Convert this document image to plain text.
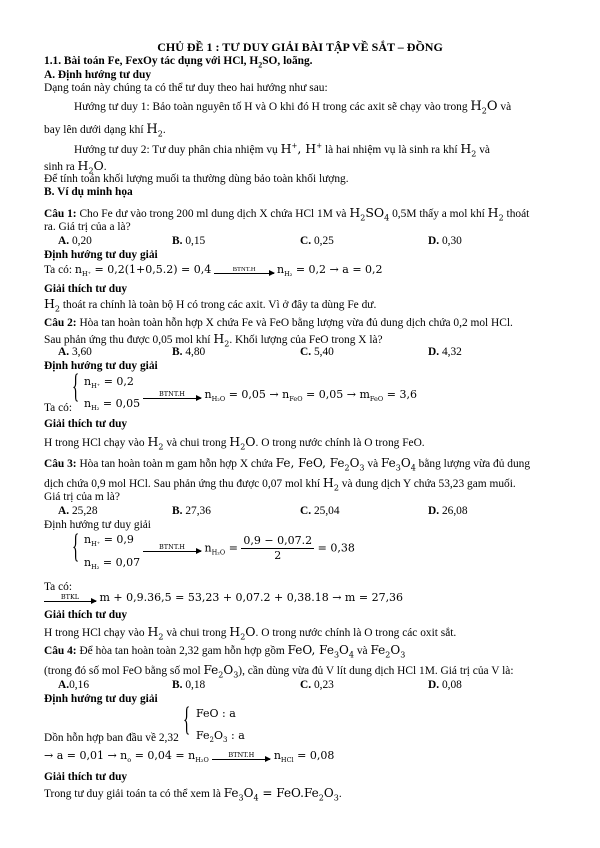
CHỦ ĐỀ 1 : TƯ DUY GIẢI BÀI TẬP VỀ SẮT – ĐỒNG
1.1. Bài toán Fe, FexOy tác dụng với HCl, $H_2SO$, loãng.
A. Định hướng tư duy
Dạng toán này chúng ta có thể tư duy theo hai hướng như sau:
Hướng tư duy 1: Bảo toàn nguyên tố H và O khi đó H trong các axit sẽ chạy vào trong $H_2O$ và
bay lên dưới dạng khí $H_2$.
Hướng tư duy 2: Tư duy phân chia nhiệm vụ H+, H+ là hai nhiệm vụ là sinh ra khí $H_2$ và
sinh ra $H_2O$.
Để tính toán khối lượng muối ta thường dùng bảo toàn khối lượng.
B. Ví dụ minh họa
Câu 1: Cho Fe dư vào trong 200 ml dung dịch X chứa HCl 1M và $H_2SO_4$ 0,5M thấy a mol khí $H_2$ thoát
ra. Giá trị của a là?
A. 0,20	B. 0,15	C. 0,25	D. 0,30
Định hướng tư duy giải
Ta có: $n_{H^+} = 0,2(1+0,5.2) = 0,4$	BTNT.H	$n_{H_2} = 0,2 \to a = 0,2$
Giải thích tư duy
$H_2$ thoát ra chính là toàn bộ H có trong các axit. Vì ở đây ta dùng Fe dư.
Câu 2: Hòa tan hoàn toàn hỗn hợp X chứa Fe và FeO bằng lượng vừa đủ dung dịch chứa 0,2 mol HCl.
Sau phản ứng thu được 0,05 mol khí $H_2$. Khối lượng của FeO trong X là?
A. 3,60	B. 4,80	C. 5,40	D. 4,32
Định hướng tư duy giải
{ $n_{H^+} = 0,2$
$n_{H_2} = 0,05$
Ta có:
BTNT.H	$n_{H_2O} = 0,05 \to n_{FeO} = 0,05 \to m_{FeO} = 3,6$
Giải thích tư duy
H trong HCl chạy vào $H_2$ và chui trong $H_2O$. O trong nước chính là O trong FeO.
Câu 3: Hòa tan hoàn toàn m gam hỗn hợp X chứa Fe, FeO, $Fe_2O_3$ và $Fe_3O_4$ bằng lượng vừa đủ dung
dịch chứa 0,9 mol HCl. Sau phản ứng thu được 0,07 mol khí $H_2$ và dung dịch Y chứa 53,23 gam muối.
Giá trị của m là?
A. 25,28	B. 27,36	C. 25,04	D. 26,08
Định hướng tư duy giải
{ $n_{H^+} = 0,9$
$n_{H_2} = 0,07$
BTNT.H	$n_{H_2O} = \frac{0,9 - 0,07.2}{2} = 0,38$
Ta có:
BTKL	m + 0,9.36,5 = 53,23 + 0,07.2 + 0,38.18 → m = 27,36
Giải thích tư duy
H trong HCl chạy vào $H_2$ và chui trong $H_2O$. O trong nước chính là O trong các oxit sắt.
Câu 4: Để hòa tan hoàn toàn 2,32 gam hỗn hợp gồm FeO, $Fe_3O_4$ và $Fe_2O_3$
(trong đó số mol FeO bằng số mol $Fe_2O_3$), cần dùng vừa đủ V lít dung dịch HCl 1M. Giá trị của V là:
A.0,16	B. 0,18	C. 0,23	D. 0,08
Định hướng tư duy giải
{ FeO : a
$Fe_2O_3$ : a
Dồn hỗn hợp ban đầu về 2,32
→ $a = 0,01 \to n_o = 0,04 = n_{H_2O}$
BTNT.H	$n_{HCl} = 0,08$
Giải thích tư duy
Trong tư duy giải toán ta có thể xem là $Fe_3O_4 = FeO.Fe_2O_3$.
